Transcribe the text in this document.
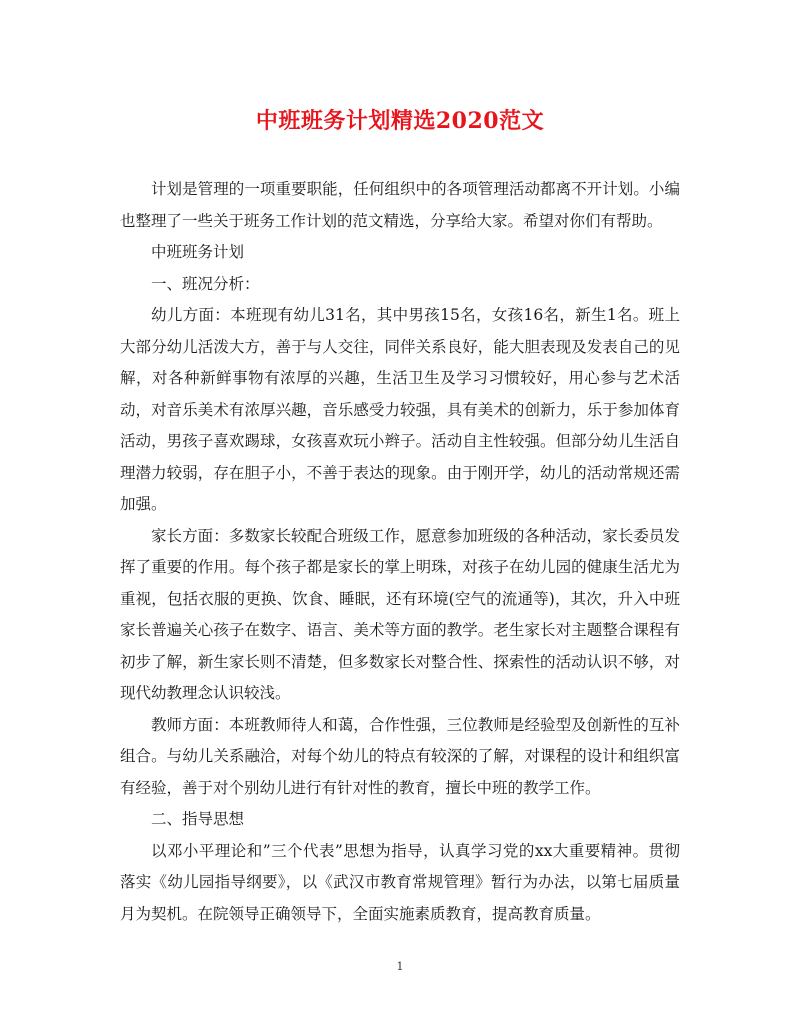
中班班务计划精选2020范文

计划是管理的一项重要职能，任何组织中的各项管理活动都离不开计划。小编也整理了一些关于班务工作计划的范文精选，分享给大家。希望对你们有帮助。

中班班务计划

一、班况分析：

幼儿方面：本班现有幼儿31名，其中男孩15名，女孩16名，新生1名。班上大部分幼儿活泼大方，善于与人交往，同伴关系良好，能大胆表现及发表自己的见解，对各种新鲜事物有浓厚的兴趣，生活卫生及学习习惯较好，用心参与艺术活动，对音乐美术有浓厚兴趣，音乐感受力较强，具有美术的创新力，乐于参加体育活动，男孩子喜欢踢球，女孩喜欢玩小辫子。活动自主性较强。但部分幼儿生活自理潜力较弱，存在胆子小，不善于表达的现象。由于刚开学，幼儿的活动常规还需加强。

家长方面：多数家长较配合班级工作，愿意参加班级的各种活动，家长委员发挥了重要的作用。每个孩子都是家长的掌上明珠，对孩子在幼儿园的健康生活尤为重视，包括衣服的更换、饮食、睡眠，还有环境(空气的流通等)，其次，升入中班家长普遍关心孩子在数字、语言、美术等方面的教学。老生家长对主题整合课程有初步了解，新生家长则不清楚，但多数家长对整合性、探索性的活动认识不够，对现代幼教理念认识较浅。

教师方面：本班教师待人和蔼，合作性强，三位教师是经验型及创新性的互补组合。与幼儿关系融洽，对每个幼儿的特点有较深的了解，对课程的设计和组织富有经验，善于对个别幼儿进行有针对性的教育，擅长中班的教学工作。

二、指导思想

以邓小平理论和”三个代表”思想为指导，认真学习党的xx大重要精神。贯彻落实《幼儿园指导纲要》，以《武汉市教育常规管理》暂行为办法，以第七届质量月为契机。在院领导正确领导下，全面实施素质教育，提高教育质量。

1
